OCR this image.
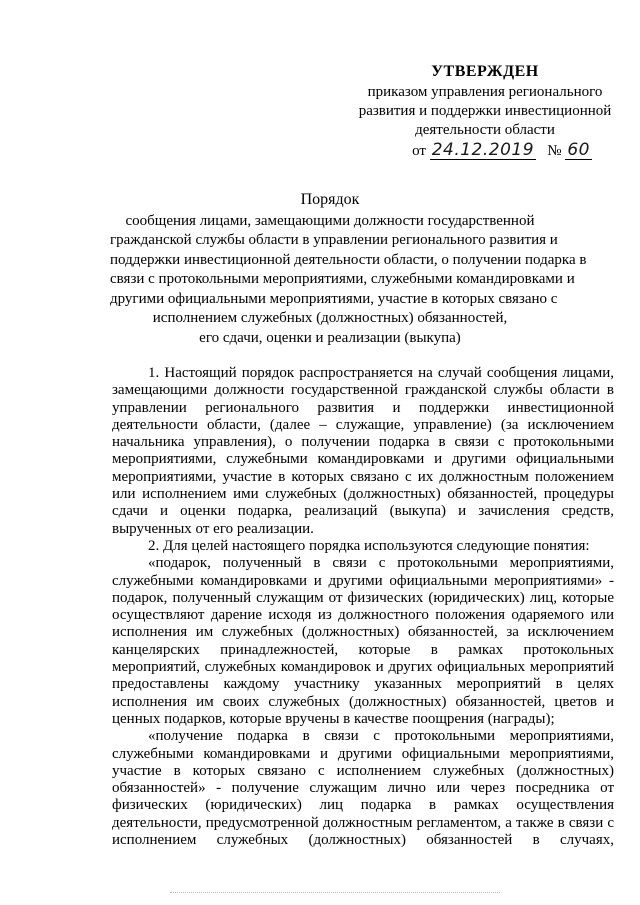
УТВЕРЖДЕН
приказом управления регионального
развития и поддержки инвестиционной
деятельности области
от 24.12.2019 № 60
Порядок
сообщения лицами, замещающими должности государственной
гражданской службы области в управлении регионального развития и
поддержки инвестиционной деятельности области, о получении подарка в
связи с протокольными мероприятиями, служебными командировками и
другими официальными мероприятиями, участие в которых связано с
исполнением служебных (должностных) обязанностей,
его сдачи, оценки и реализации (выкупа)
1. Настоящий порядок распространяется на случай сообщения лицами,
замещающими должности государственной гражданской службы области в
управлении регионального развития и поддержки инвестиционной
деятельности области, (далее – служащие, управление) (за исключением
начальника управления), о получении подарка в связи с протокольными
мероприятиями, служебными командировками и другими официальными
мероприятиями, участие в которых связано с их должностным положением
или исполнением ими служебных (должностных) обязанностей, процедуры
сдачи и оценки подарка, реализаций (выкупа) и зачисления средств,
вырученных от его реализации.
2. Для целей настоящего порядка используются следующие понятия:
«подарок, полученный в связи с протокольными мероприятиями,
служебными командировками и другими официальными мероприятиями» -
подарок, полученный служащим от физических (юридических) лиц, которые
осуществляют дарение исходя из должностного положения одаряемого или
исполнения им служебных (должностных) обязанностей, за исключением
канцелярских принадлежностей, которые в рамках протокольных
мероприятий, служебных командировок и других официальных мероприятий
предоставлены каждому участнику указанных мероприятий в целях
исполнения им своих служебных (должностных) обязанностей, цветов и
ценных подарков, которые вручены в качестве поощрения (награды);
«получение подарка в связи с протокольными мероприятиями,
служебными командировками и другими официальными мероприятиями,
участие в которых связано с исполнением служебных (должностных)
обязанностей» - получение служащим лично или через посредника от
физических (юридических) лиц подарка в рамках осуществления
деятельности, предусмотренной должностным регламентом, а также в связи с
исполнением служебных (должностных) обязанностей в случаях,
